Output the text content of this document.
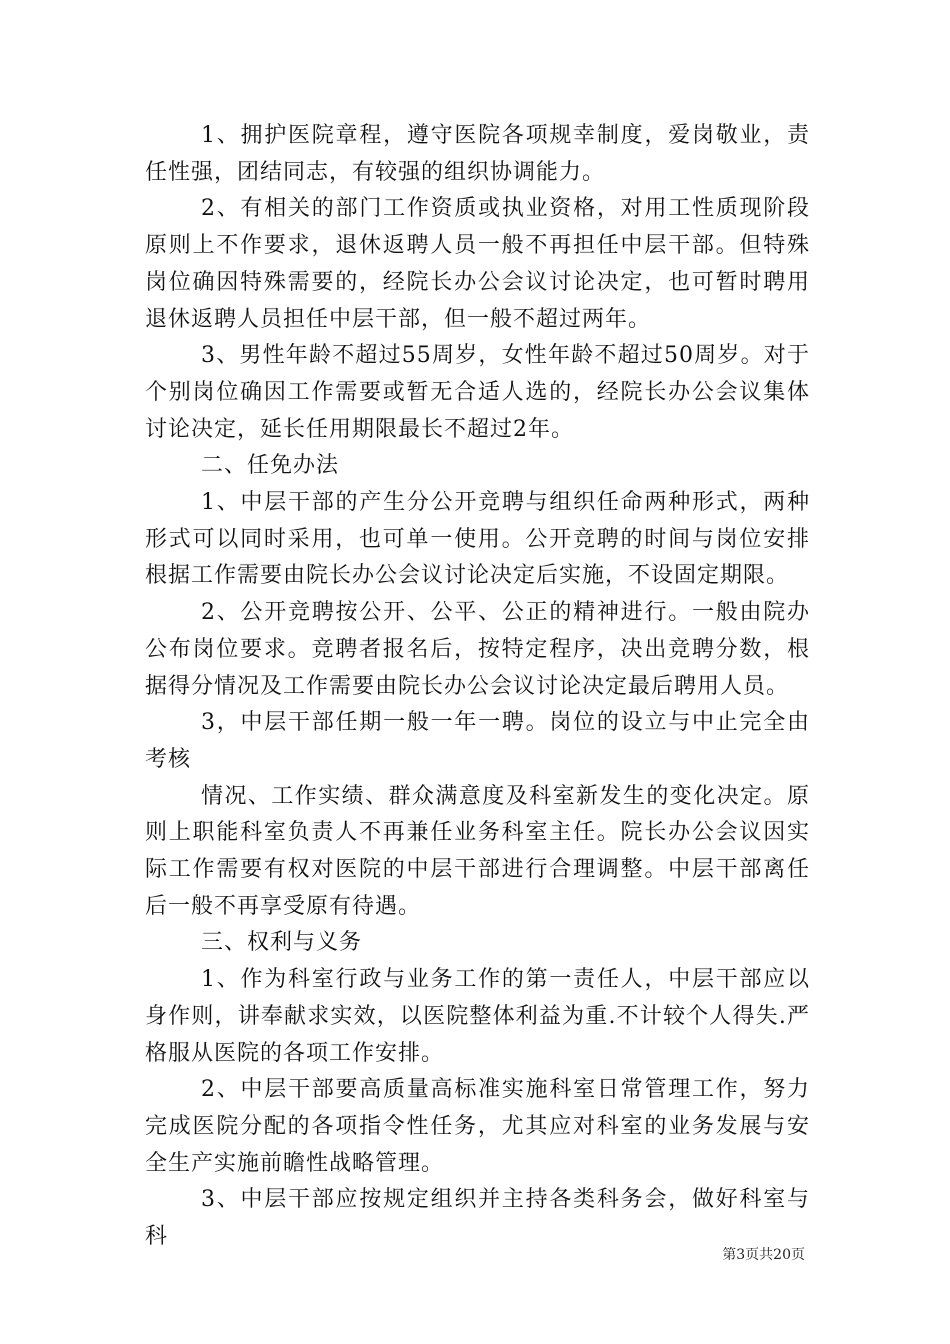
1、拥护医院章程，遵守医院各项规幸制度，爱岗敬业，责任性强，团结同志，有较强的组织协调能力。

2、有相关的部门工作资质或执业资格，对用工性质现阶段原则上不作要求，退休返聘人员一般不再担任中层干部。但特殊岗位确因特殊需要的，经院长办公会议讨论决定，也可暂时聘用退休返聘人员担任中层干部，但一般不超过两年。

3、男性年龄不超过55周岁，女性年龄不超过50周岁。对于个别岗位确因工作需要或暂无合适人选的，经院长办公会议集体讨论决定，延长任用期限最长不超过2年。

二、任免办法

1、中层干部的产生分公开竞聘与组织任命两种形式，两种形式可以同时采用，也可单一使用。公开竞聘的时间与岗位安排根据工作需要由院长办公会议讨论决定后实施，不设固定期限。

2、公开竞聘按公开、公平、公正的精神进行。一般由院办公布岗位要求。竞聘者报名后，按特定程序，决出竞聘分数，根据得分情况及工作需要由院长办公会议讨论决定最后聘用人员。

3，中层干部任期一般一年一聘。岗位的设立与中止完全由考核

情况、工作实绩、群众满意度及科室新发生的变化决定。原则上职能科室负责人不再兼任业务科室主任。院长办公会议因实际工作需要有权对医院的中层干部进行合理调整。中层干部离任后一般不再享受原有待遇。

三、权利与义务

1、作为科室行政与业务工作的第一责任人，中层干部应以身作则，讲奉献求实效，以医院整体利益为重.不计较个人得失.严格服从医院的各项工作安排。

2、中层干部要高质量高标准实施科室日常管理工作，努力完成医院分配的各项指令性任务，尤其应对科室的业务发展与安全生产实施前瞻性战略管理。

3、中层干部应按规定组织并主持各类科务会，做好科室与科

第3页共20页
